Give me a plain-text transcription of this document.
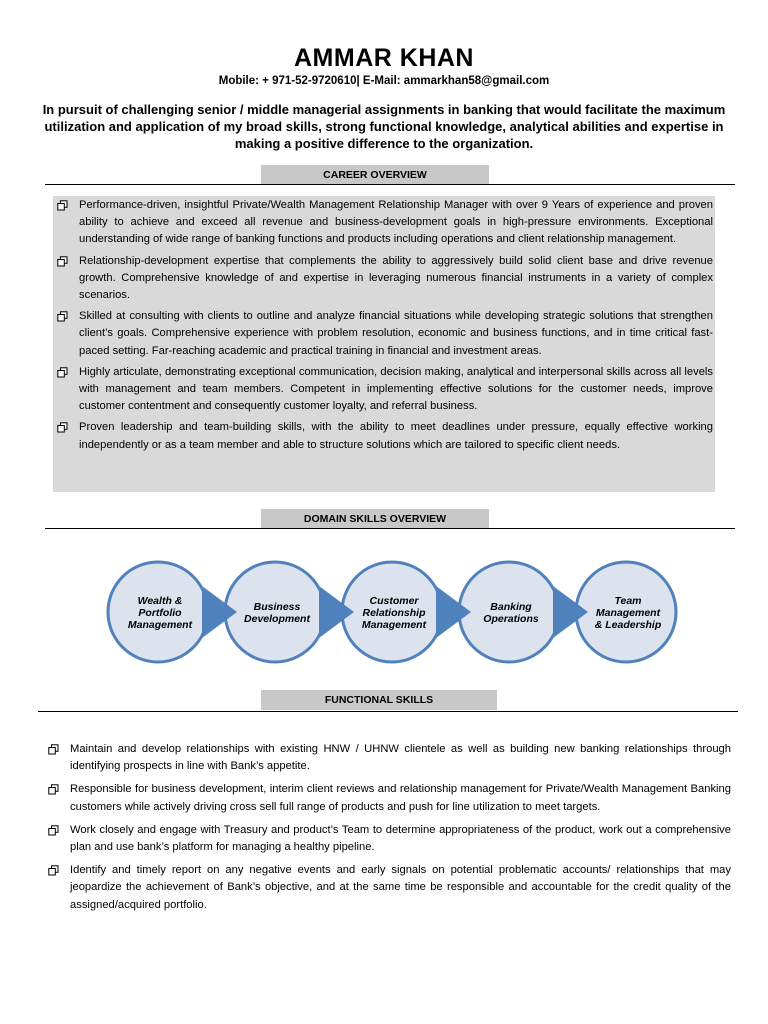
AMMAR KHAN
Mobile: + 971-52-9720610| E-Mail: ammarkhan58@gmail.com
In pursuit of challenging senior / middle managerial assignments in banking that would facilitate the maximum utilization and application of my broad skills, strong functional knowledge, analytical abilities and expertise in making a positive difference to the organization.
CAREER OVERVIEW
Performance-driven, insightful Private/Wealth Management Relationship Manager with over 9 Years of experience and proven ability to achieve and exceed all revenue and business-development goals in high-pressure environments. Exceptional understanding of wide range of banking functions and products including operations and client relationship management.
Relationship-development expertise that complements the ability to aggressively build solid client base and drive revenue growth. Comprehensive knowledge of and expertise in leveraging numerous financial instruments in a variety of complex scenarios.
Skilled at consulting with clients to outline and analyze financial situations while developing strategic solutions that strengthen client’s goals. Comprehensive experience with problem resolution, economic and business functions, and in time critical fast-paced setting. Far-reaching academic and practical training in financial and investment areas.
Highly articulate, demonstrating exceptional communication, decision making, analytical and interpersonal skills across all levels with management and team members. Competent in implementing effective solutions for the customer needs, improve customer contentment and consequently customer loyalty, and referral business.
Proven leadership and team-building skills, with the ability to meet deadlines under pressure, equally effective working independently or as a team member and able to structure solutions which are tailored to specific client needs.
DOMAIN SKILLS OVERVIEW
Wealth & Portfolio Management
Business Development
Customer Relationship Management
Banking Operations
Team Management & Leadership
FUNCTIONAL SKILLS
Maintain and develop relationships with existing HNW / UHNW clientele as well as building new banking relationships through identifying prospects in line with Bank’s appetite.
Responsible for business development, interim client reviews and relationship management for Private/Wealth Management Banking customers while actively driving cross sell full range of products and push for line utilization to meet targets.
Work closely and engage with Treasury and product’s Team to determine appropriateness of the product, work out a comprehensive plan and use bank’s platform for managing a healthy pipeline.
Identify and timely report on any negative events and early signals on potential problematic accounts/ relationships that may jeopardize the achievement of Bank’s objective, and at the same time be responsible and accountable for the credit quality of the assigned/acquired portfolio.
